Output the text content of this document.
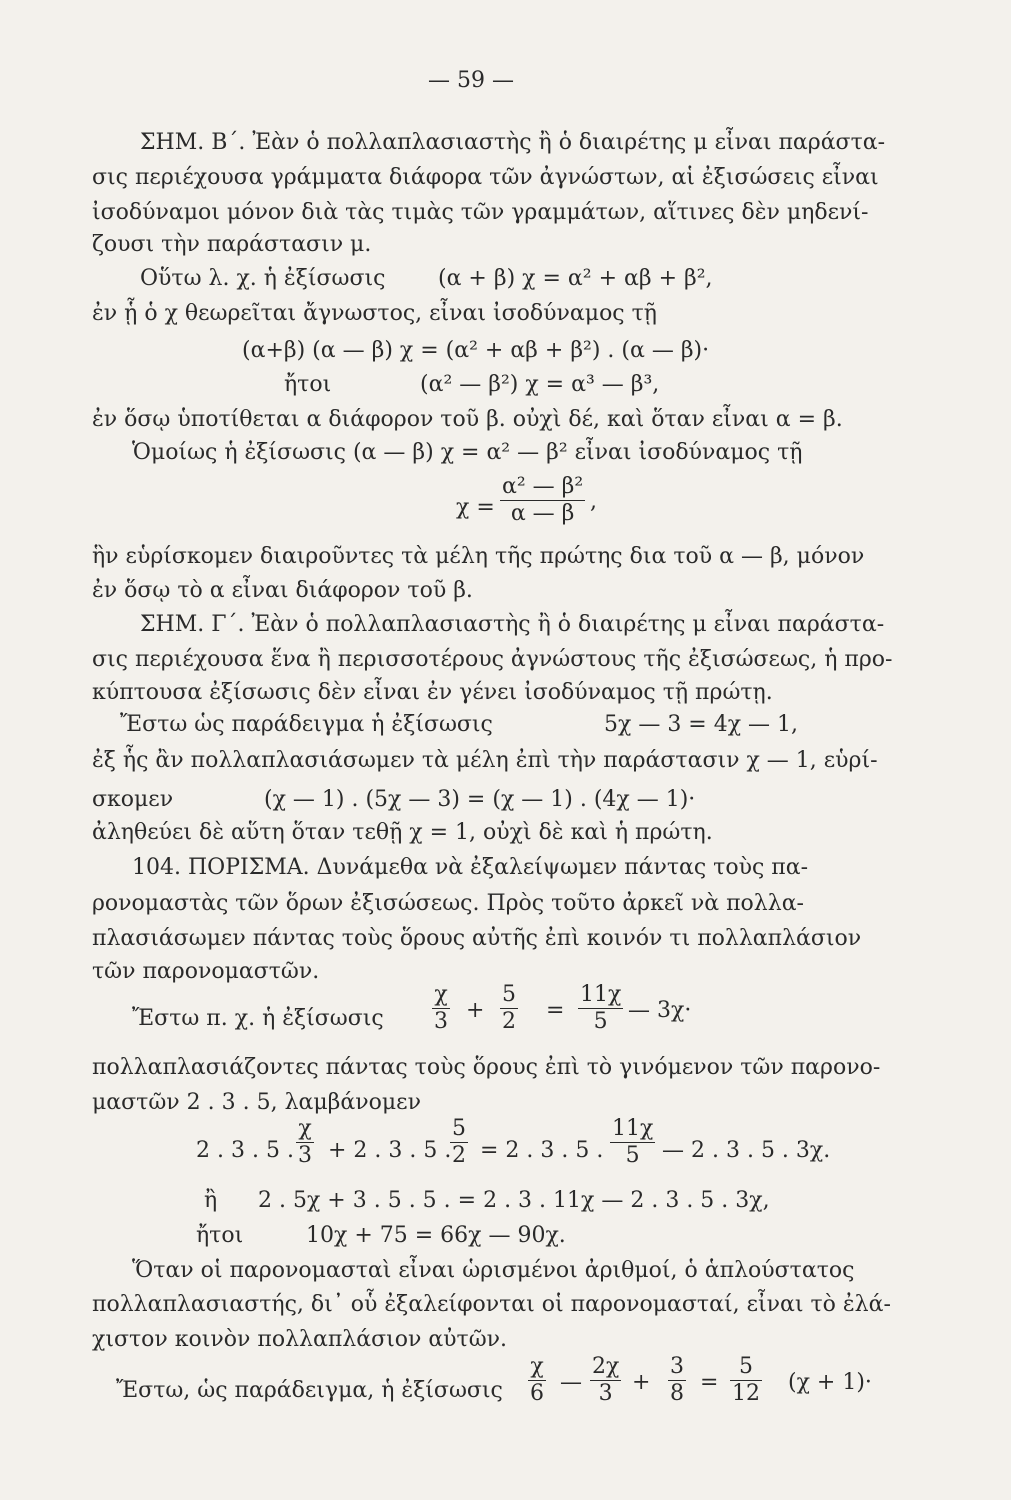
— 59 —
ΣΗΜ. Β΄. Ἐὰν ὁ πολλαπλασιαστὴς ἢ ὁ διαιρέτης μ εἶναι παράστα-
σις περιέχουσα γράμματα διάφορα τῶν ἀγνώστων, αἱ ἐξισώσεις εἶναι
ἰσοδύναμοι μόνον διὰ τὰς τιμὰς τῶν γραμμάτων, αἵτινες δὲν μηδενί-
ζουσι τὴν παράστασιν μ.
Οὕτω λ. χ. ἡ ἐξίσωσις (α + β) χ = α² + αβ + β²,
ἐν ᾗ ὁ χ θεωρεῖται ἄγνωστος, εἶναι ἰσοδύναμος τῇ
(α+β) (α — β) χ = (α² + αβ + β²) . (α — β)·
ἤτοι	(α² — β²) χ = α³ — β³,
ἐν ὅσῳ ὑποτίθεται α διάφορον τοῦ β. οὐχὶ δέ, καὶ ὅταν εἶναι α = β.
Ὁμοίως ἡ ἐξίσωσις (α — β) χ = α² — β² εἶναι ἰσοδύναμος τῇ
$\chi = \frac{\text{α² — β²}}{\alpha — \beta}$ ,
ἣν εὑρίσκομεν διαιροῦντες τὰ μέλη τῆς πρώτης δια τοῦ α — β, μόνον
ἐν ὅσῳ τὸ α εἶναι διάφορον τοῦ β.
ΣΗΜ. Γ΄. Ἐὰν ὁ πολλαπλασιαστὴς ἢ ὁ διαιρέτης μ εἶναι παράστα-
σις περιέχουσα ἕνα ἢ περισσοτέρους ἀγνώστους τῆς ἐξισώσεως, ἡ προ-
κύπτουσα ἐξίσωσις δὲν εἶναι ἐν γένει ἰσοδύναμος τῇ πρώτῃ.
Ἔστω ὡς παράδειγμα ἡ ἐξίσωσις	5χ — 3 = 4χ — 1,
ἐξ ἧς ἂν πολλαπλασιάσωμεν τὰ μέλη ἐπὶ τὴν παράστασιν χ — 1, εὑρί-
σκομεν	(χ — 1) . (5χ — 3) = (χ — 1) . (4χ — 1)·
ἀληθεύει δὲ αὕτη ὅταν τεθῇ χ = 1, οὐχὶ δὲ καὶ ἡ πρώτη.
104. ΠΟΡΙΣΜΑ. Δυνάμεθα νὰ ἐξαλείψωμεν πάντας τοὺς πα-
ρονομαστὰς τῶν ὅρων ἐξισώσεως. Πρὸς τοῦτο ἀρκεῖ νὰ πολλα-
πλασιάσωμεν πάντας τοὺς ὅρους αὐτῆς ἐπὶ κοινόν τι πολλαπλάσιον
τῶν παρονομαστῶν.
Ἔστω π. χ. ἡ ἐξίσωσις $\frac{\chi}{3} + \frac{5}{2} = \frac{11\chi}{5}$ — 3χ·
πολλαπλασιάζοντες πάντας τοὺς ὅρους ἐπὶ τὸ γινόμενον τῶν παρονο-
μαστῶν 2 . 3 . 5, λαμβάνομεν
2 . 3 . 5 . $\frac{\chi}{3} + 2$ . 3 . 5 .
$\frac{5}{2} = 2$ . 3 . 5 . $\frac{11\chi}{5}$ — 2 . 3 . 5 . 3χ.
ἢ 2 . 5χ + 3 . 5 . 5 . = 2 . 3 . 11χ — 2 . 3 . 5 . 3χ,
ἤτοι	10χ + 75 = 66χ — 90χ.
Ὅταν οἱ παρονομασταὶ εἶναι ὡρισμένοι ἀριθμοί, ὁ ἁπλούστατος
πολλαπλασιαστής, δι᾽ οὗ ἐξαλείφονται οἱ παρονομασταί, εἶναι τὸ ἐλά-
χιστον κοινὸν πολλαπλάσιον αὐτῶν.
Ἔστω, ὡς παράδειγμα, ἡ ἐξίσωσις $\frac{\chi}{6}$ — $\frac{2\chi}{3} + \frac{3}{8} = \frac{5}{12} (\chi + 1)\cdot$
